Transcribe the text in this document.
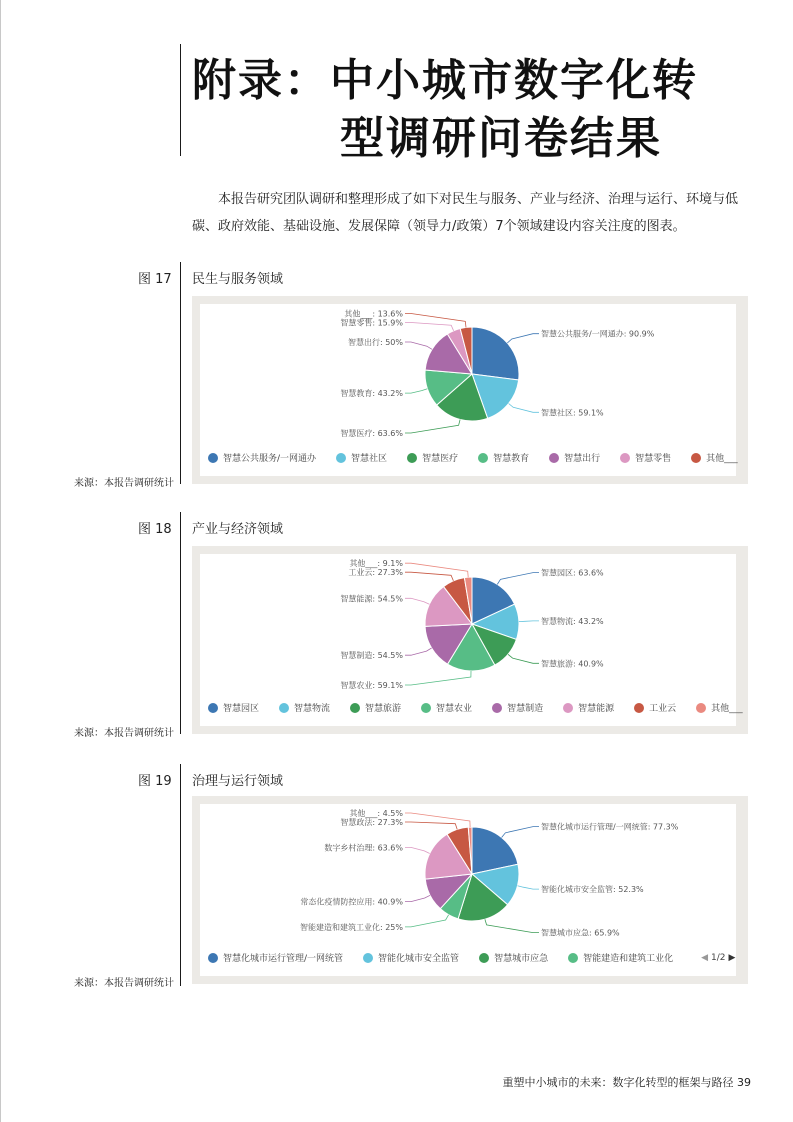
附录：中小城市数字化转
型调研问卷结果

本报告研究团队调研和整理形成了如下对民生与服务、产业与经济、治理与运行、环境与低碳、政府效能、基础设施、发展保障（领导力/政策）7个领域建设内容关注度的图表。

图 17 民生与服务领域
智慧公共服务/一网通办: 90.9%
智慧社区: 59.1%
其他___: 13.6%
智慧零售: 15.9%
智慧出行: 50%
智慧教育: 43.2%
智慧医疗: 63.6%
智慧公共服务/一网通办	智慧社区	智慧医疗	智慧教育	智慧出行	智慧零售	其他___
来源：本报告调研统计
图 18 产业与经济领域
智慧园区: 63.6%
智慧物流: 43.2%
智慧旅游: 40.9%
其他___: 9.1%
工业云: 27.3%
智慧能源: 54.5%
智慧制造: 54.5%
智慧农业: 59.1%
智慧园区	智慧物流	智慧旅游	智慧农业	智慧制造	智慧能源	工业云	其他___
来源：本报告调研统计
图 19 治理与运行领域
智慧化城市运行管理/一网统管: 77.3%
智能化城市安全监管: 52.3%
智慧城市应急: 65.9%
其他___: 4.5%
智慧政法: 27.3%
数字乡村治理: 63.6%
常态化疫情防控应用: 40.9%
智能建造和建筑工业化: 25%
智慧化城市运行管理/一网统管	智能化城市安全监管	智慧城市应急	智能建造和建筑工业化	◀ 1/2 ▶
来源：本报告调研统计
重塑中小城市的未来：数字化转型的框架与路径 39
